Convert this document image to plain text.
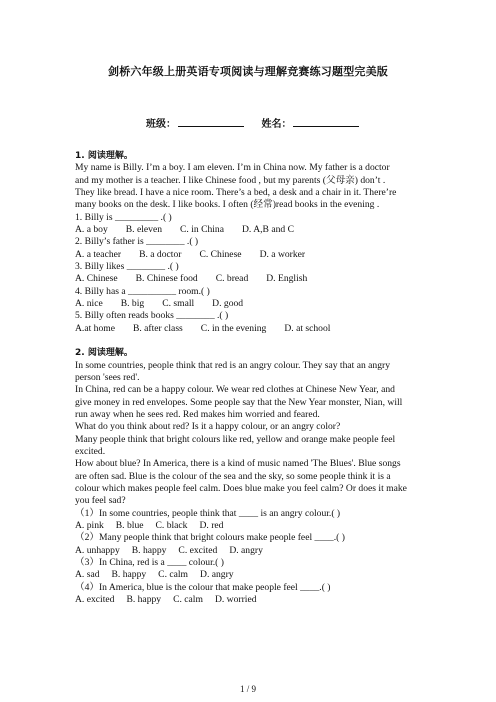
剑桥六年级上册英语专项阅读与理解竞赛练习题型完美版
班级：	姓名：
1. 阅读理解。
My name is Billy. I’m a boy. I am eleven. I’m in China now. My father is a doctor
and my mother is a teacher. I like Chinese food , but my parents (父母亲) don’t .
They like bread. I have a nice room. There’s a bed, a desk and a chair in it. There’re
many books on the desk. I like books. I often (经常)read books in the evening .
1. Billy is _________ .( )
A. a boy B. eleven C. in China D. A,B and C
2. Billy’s father is ________ .( )
A. a teacher B. a doctor C. Chinese D. a worker
3. Billy likes ________ .( )
A. Chinese B. Chinese food C. bread D. English
4. Billy has a __________ room.( )
A. nice B. big C. small D. good
5. Billy often reads books ________ .( )
A.at home B. after class C. in the evening D. at school
2. 阅读理解。
In some countries, people think that red is an angry colour. They say that an angry
person 'sees red'.
In China, red can be a happy colour. We wear red clothes at Chinese New Year, and
give money in red envelopes. Some people say that the New Year monster, Nian, will
run away when he sees red. Red makes him worried and feared.
What do you think about red? Is it a happy colour, or an angry color?
Many people think that bright colours like red, yellow and orange make people feel
excited.
How about blue? In America, there is a kind of music named 'The Blues'. Blue songs
are often sad. Blue is the colour of the sea and the sky, so some people think it is a
colour which makes people feel calm. Does blue make you feel calm? Or does it make
you feel sad?
（1）In some countries, people think that ____ is an angry colour.( )
A. pink B. blue C. black D. red
（2）Many people think that bright colours make people feel ____.( )
A. unhappy B. happy C. excited D. angry
（3）In China, red is a ____ colour.( )
A. sad B. happy C. calm D. angry
（4）In America, blue is the colour that make people feel ____.( )
A. excited B. happy C. calm D. worried
1 / 9
